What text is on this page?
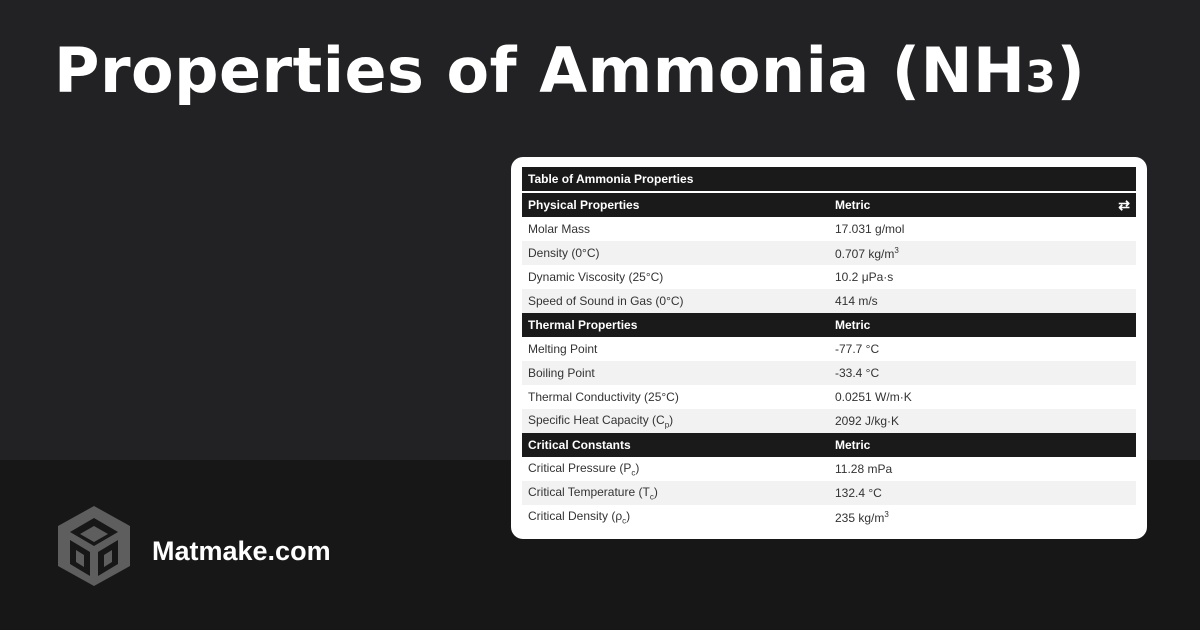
Properties of Ammonia (NH3)
Table of Ammonia Properties	
Physical Properties	Metric ⇄

Molar Mass	17.031 g/mol
Density (0°C)	0.707 $kg/m^3$
Dynamic Viscosity (25°C)	10.2 μPa·s
Speed of Sound in Gas (0°C)	414 m/s
Thermal Properties	Metric
Melting Point	-77.7 °C
Boiling Point	-33.4 °C
Thermal Conductivity (25°C)	0.0251 W/m·K
Specific Heat Capacity $(C_p)$	2092 J/kg·K
Critical Constants	Metric
Critical Pressure $(P_c)$	11.28 mPa
Critical Temperature $(T_c)$	132.4 °C
Critical Density $(\rho_c)$	235 $kg/m^3$
Matmake.com
